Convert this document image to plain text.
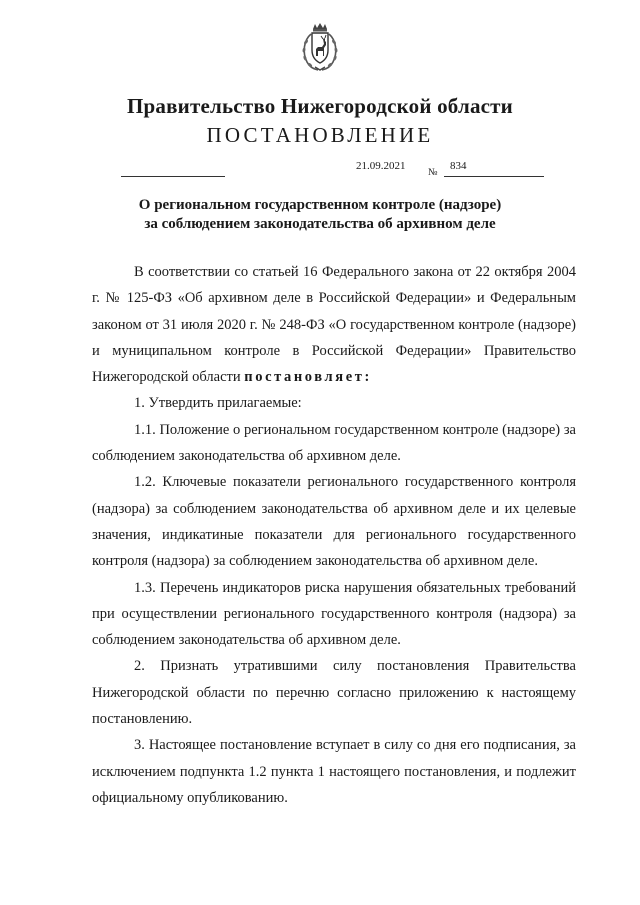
Правительство Нижегородской области
ПОСТАНОВЛЕНИЕ
21.09.2021
№
834
О региональном государственном контроле (надзоре)
за соблюдением законодательства об архивном деле

В соответствии со статьей 16 Федерального закона от 22 октября 2004 г. № 125-ФЗ «Об архивном деле в Российской Федерации» и Федеральным законом от 31 июля 2020 г. № 248-ФЗ «О государственном контроле (надзоре) и муниципальном контроле в Российской Федерации» Правительство Нижегородской области постановляет:

1. Утвердить прилагаемые:

1.1. Положение о региональном государственном контроле (надзоре) за соблюдением законодательства об архивном деле.

1.2. Ключевые показатели регионального государственного контроля (надзора) за соблюдением законодательства об архивном деле и их целевые значения, индикатиные показатели для регионального государственного контроля (надзора) за соблюдением законодательства об архивном деле.

1.3. Перечень индикаторов риска нарушения обязательных требований при осуществлении регионального государственного контроля (надзора) за соблюдением законодательства об архивном деле.

2. Признать утратившими силу постановления Правительства Нижегородской области по перечню согласно приложению к настоящему постановлению.

3. Настоящее постановление вступает в силу со дня его подписания, за исключением подпункта 1.2 пункта 1 настоящего постановления, и подлежит официальному опубликованию.
